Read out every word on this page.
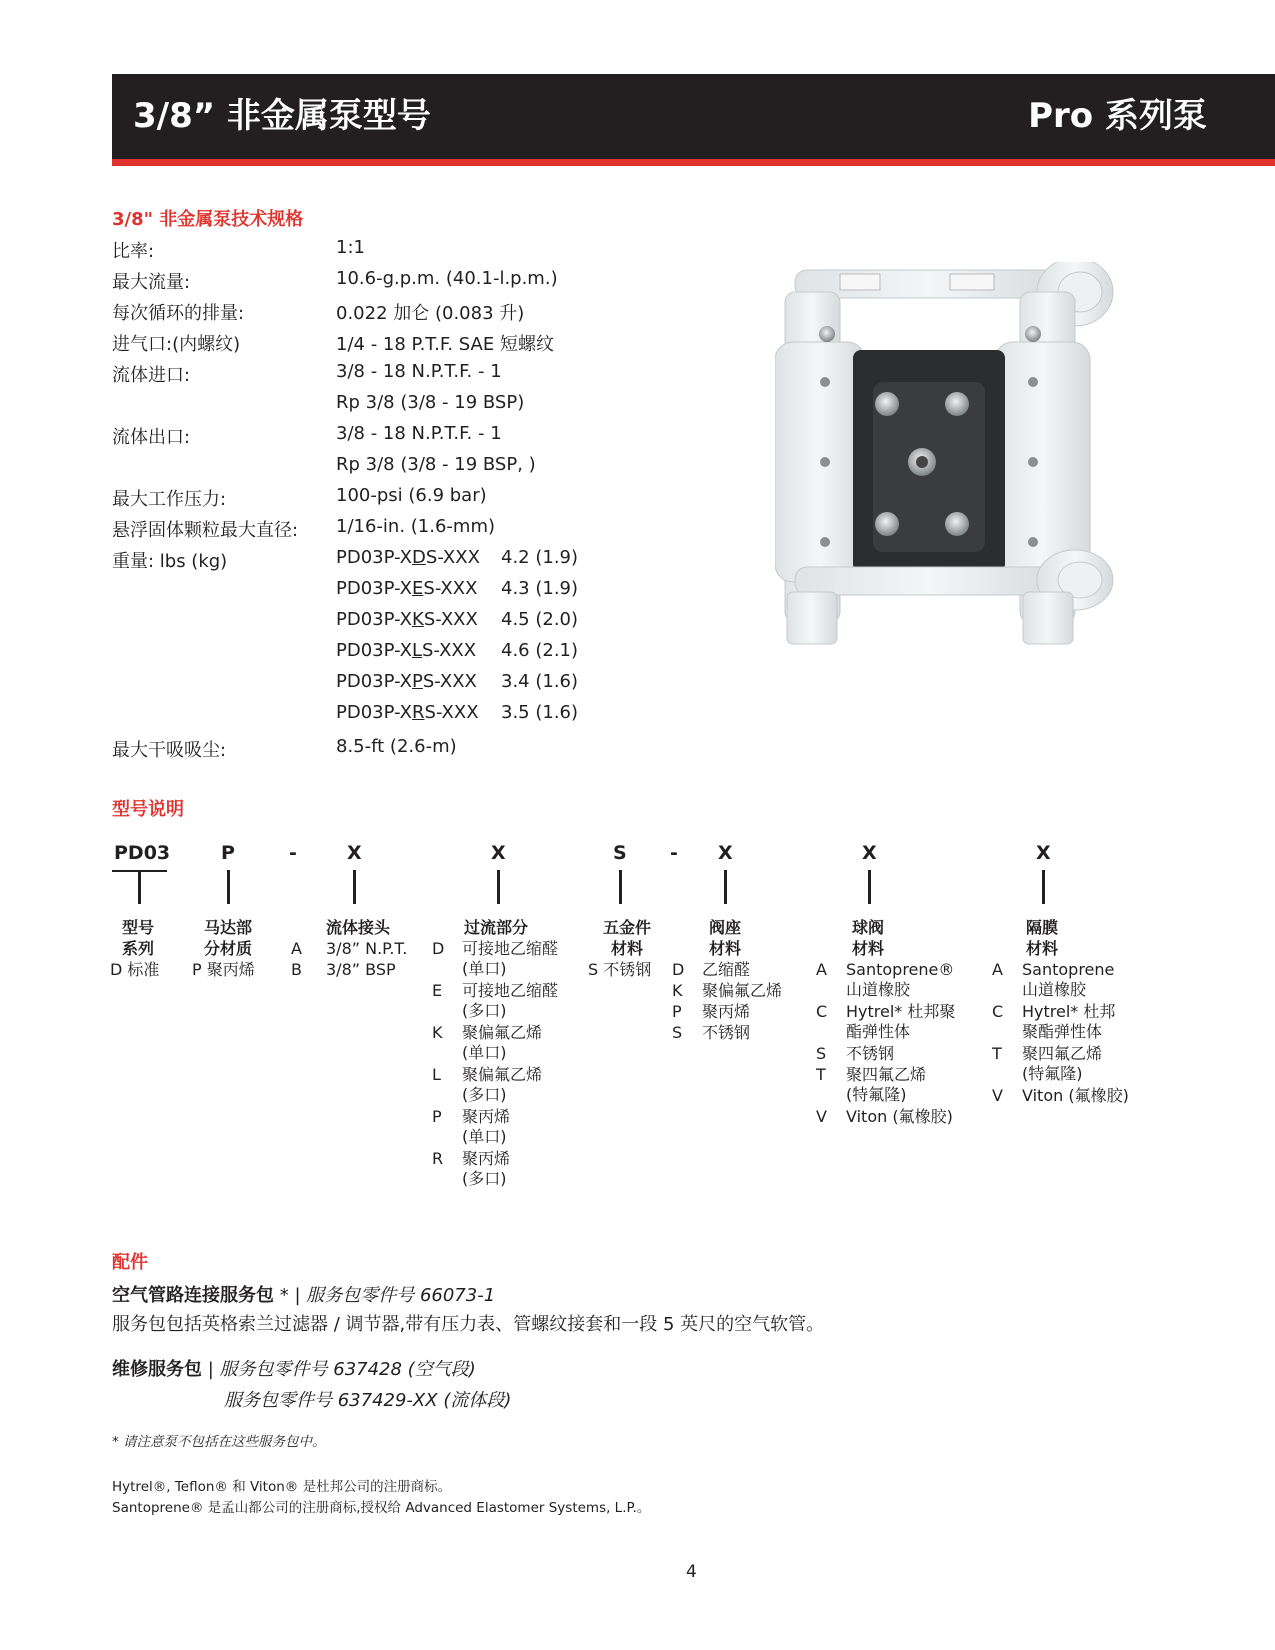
3/8” 非金属泵型号	Pro 系列泵
3/8" 非金属泵技术规格
比率:	1:1
最大流量:	10.6-g.p.m. (40.1-l.p.m.)
每次循环的排量:	0.022 加仑 (0.083 升)
进气口:(内螺纹)	1/4 - 18 P.T.F. SAE 短螺纹
流体进口:	3/8 - 18 N.P.T.F. - 1
Rp 3/8 (3/8 - 19 BSP)
流体出口:	3/8 - 18 N.P.T.F. - 1
Rp 3/8 (3/8 - 19 BSP, )
最大工作压力:	100-psi (6.9 bar)
悬浮固体颗粒最大直径: 1/16-in. (1.6-mm)
重量: lbs (kg)	PD03P-XDS-XXX 4.2 (1.9)
PD03P-XES-XXX 4.3 (1.9)
PD03P-XKS-XXX 4.5 (2.0)
PD03P-XLS-XXX 4.6 (2.1)
PD03P-XPS-XXX 3.4 (1.6)
PD03P-XRS-XXX 3.5 (1.6)
最大干吸吸尘:	8.5-ft (2.6-m)
型号说明
PD03	P	-	X	X	S - X	X	X
型号
系列
D 标准
马达部
分材质
P 聚丙烯
流体接头
A 3/8” N.P.T.
B 3/8” BSP
过流部分
D 可接地乙缩醛
(单口)
E 可接地乙缩醛
(多口)
K 聚偏氟乙烯
(单口)
L 聚偏氟乙烯
(多口)
P 聚丙烯
(单口)
R 聚丙烯
(多口)
五金件
材料
S 不锈钢
阀座
材料
D 乙缩醛
K 聚偏氟乙烯
P 聚丙烯
S 不锈钢
球阀
材料
A Santoprene®
山道橡胶
C Hytrel* 杜邦聚
酯弹性体
S 不锈钢
T 聚四氟乙烯
(特氟隆)
V Viton (氟橡胶)
隔膜
材料
A Santoprene
山道橡胶
C Hytrel* 杜邦
聚酯弹性体
T 聚四氟乙烯
(特氟隆)
V Viton (氟橡胶)
配件
空气管路连接服务包 * | 服务包零件号 66073-1
服务包包括英格索兰过滤器 / 调节器,带有压力表、管螺纹接套和一段 5 英尺的空气软管。
维修服务包 | 服务包零件号 637428 (空气段)
服务包零件号 637429-XX (流体段)
* 请注意泵不包括在这些服务包中。
Hytrel®, Teflon® 和 Viton® 是杜邦公司的注册商标。
Santoprene® 是孟山都公司的注册商标,授权给 Advanced Elastomer Systems, L.P.。
4
